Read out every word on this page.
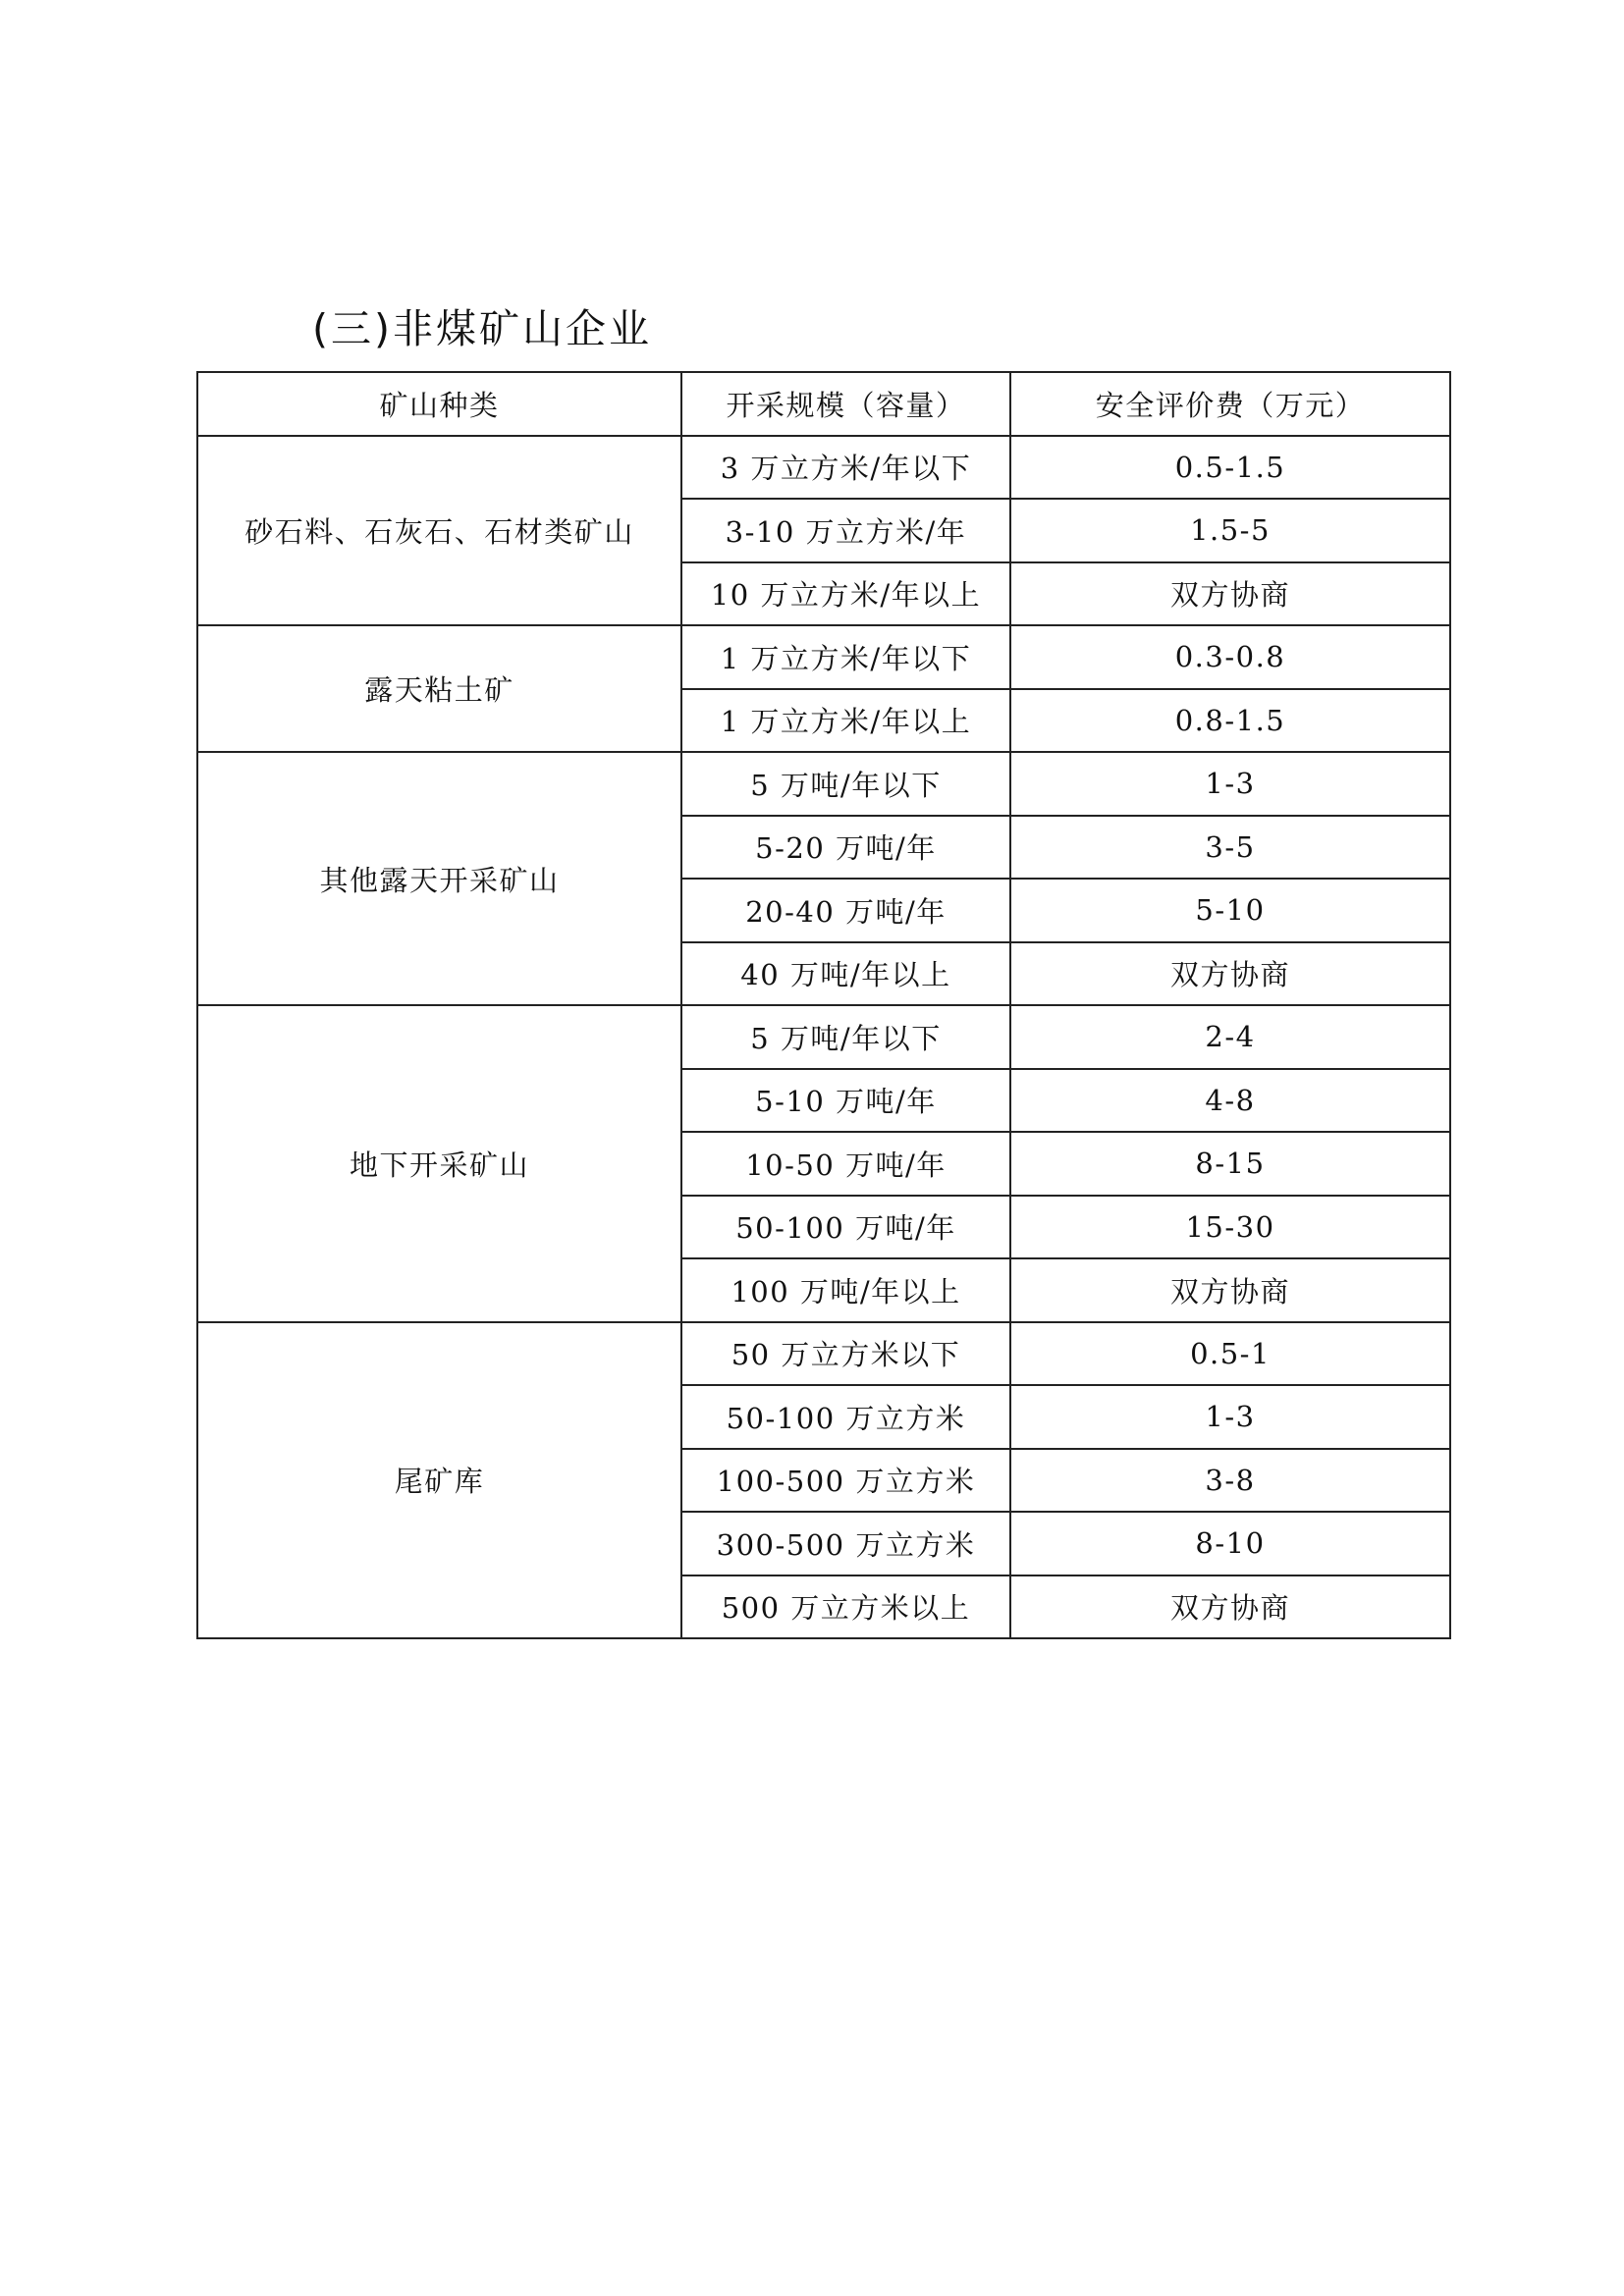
(三)非煤矿山企业
矿山种类	开采规模（容量）	安全评价费（万元）
砂石料、石灰石、石材类矿山	3 万立方米/年以下	0.5-1.5
	3-10 万立方米/年	1.5-5
	10 万立方米/年以上	双方协商
露天粘土矿	1 万立方米/年以下	0.3-0.8
	1 万立方米/年以上	0.8-1.5
其他露天开采矿山	5 万吨/年以下	1-3
	5-20 万吨/年	3-5
	20-40 万吨/年	5-10
	40 万吨/年以上	双方协商
地下开采矿山	5 万吨/年以下	2-4
	5-10 万吨/年	4-8
	10-50 万吨/年	8-15
	50-100 万吨/年	15-30
	100 万吨/年以上	双方协商
尾矿库	50 万立方米以下	0.5-1
	50-100 万立方米	1-3
	100-500 万立方米	3-8
	300-500 万立方米	8-10
	500 万立方米以上	双方协商
